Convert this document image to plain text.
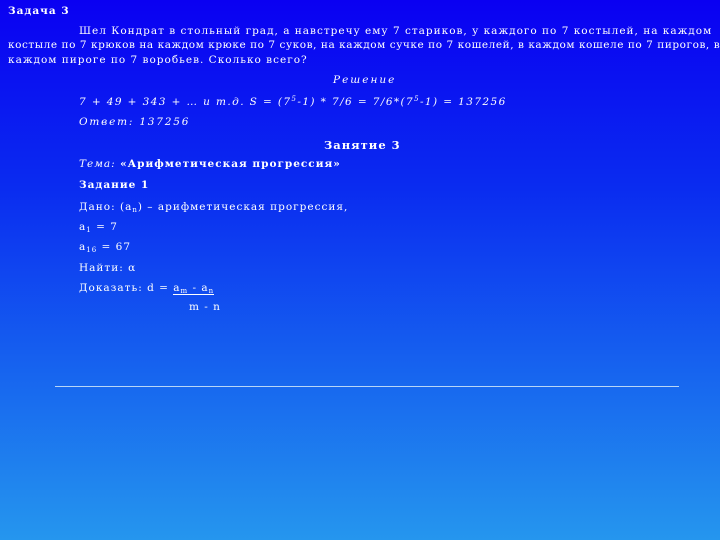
Задача 3
Шел Кондрат в стольный град, а навстречу ему 7 стариков, у каждого по 7 костылей, на каждом
костыле по 7 крюков на каждом крюке по 7 суков, на каждом сучке по 7 кошелей, в каждом кошеле по 7 пирогов, в
каждом пироге по 7 воробьев. Сколько всего?
Решение
7 + 49 + 343 + … и т.д. $S = (7^5-1) * 7/6 = 7/6*(7^5-1) = 137256$
Ответ: 137256
Занятие 3
Тема: «Арифметическая прогрессия»
Задание 1
Дано: $(a_n)$ – арифметическая прогрессия,
$a_1 = 7$
$a_{16} = 67$
Найти: α
Доказать: $d = a_m - a_n$
m - n
